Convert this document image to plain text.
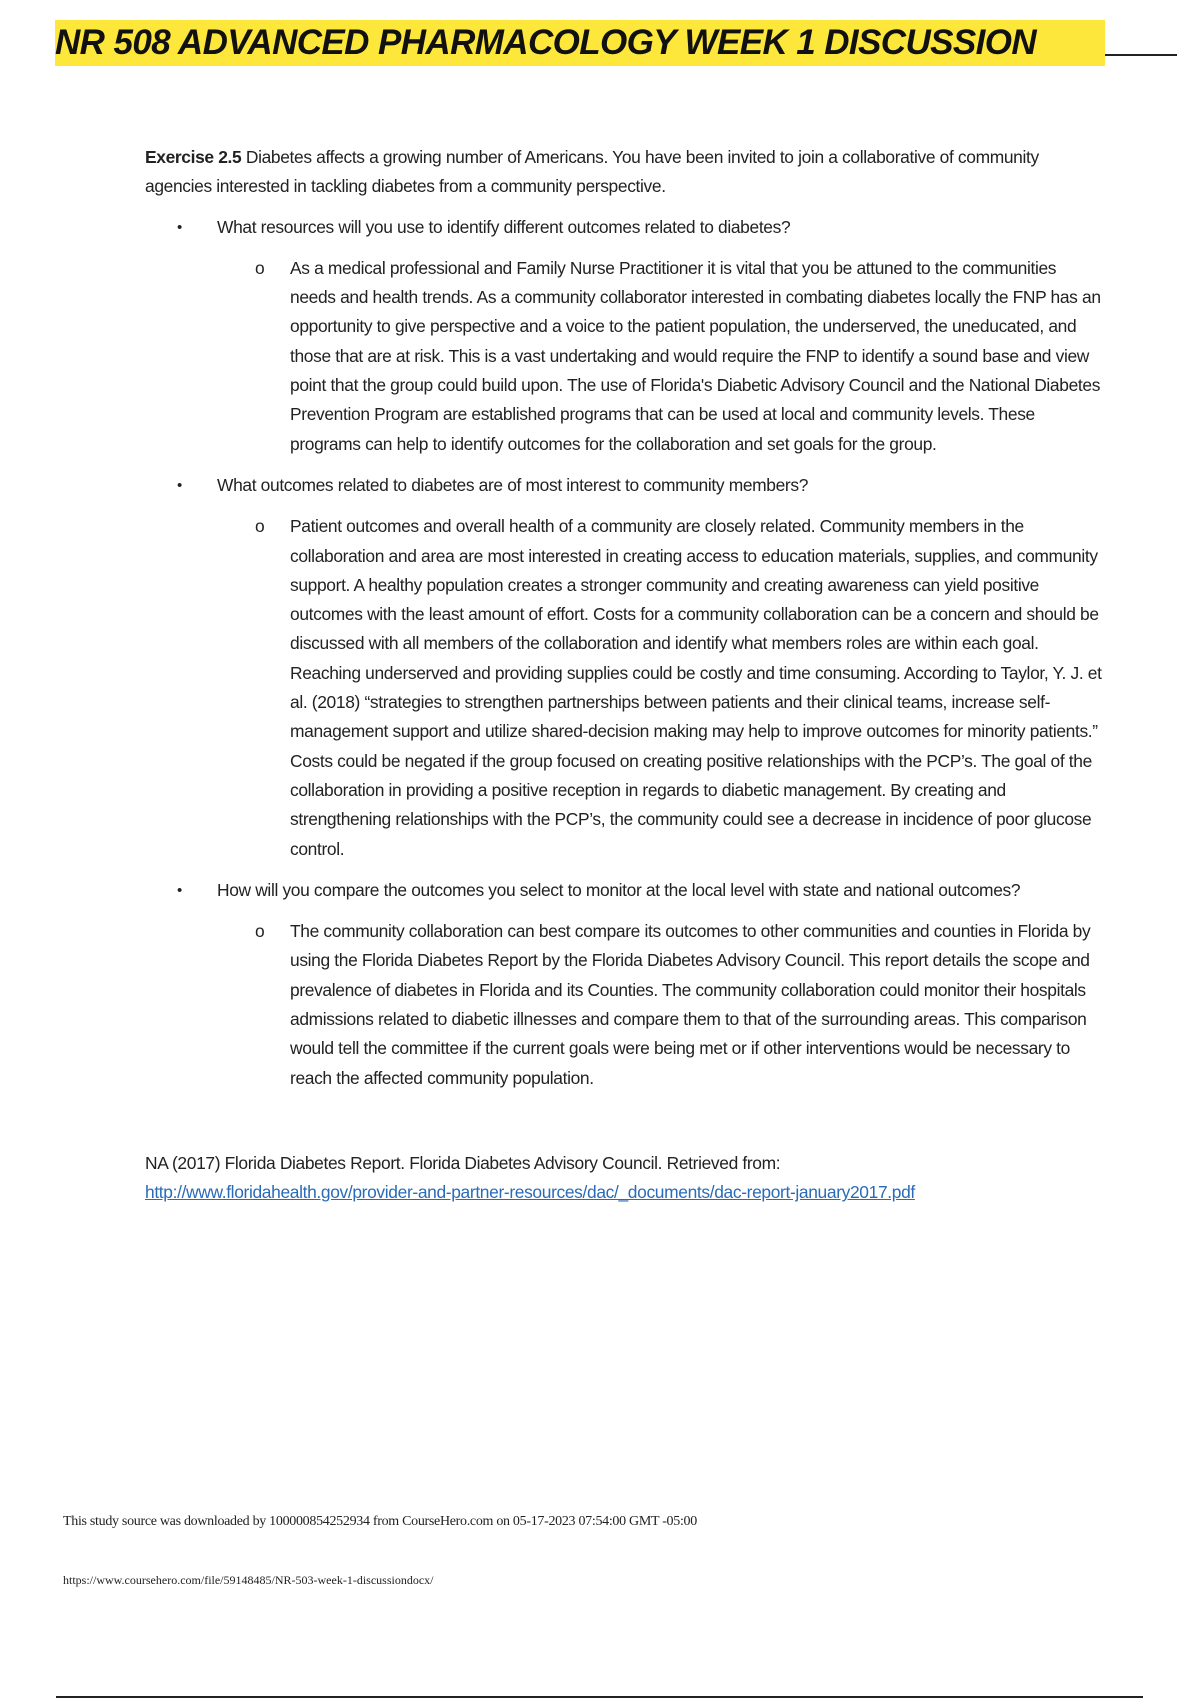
NR 508 ADVANCED PHARMACOLOGY WEEK 1 DISCUSSION

Exercise 2.5 Diabetes affects a growing number of Americans. You have been invited to join a collaborative of community agencies interested in tackling diabetes from a community perspective.

• What resources will you use to identify different outcomes related to diabetes?

o As a medical professional and Family Nurse Practitioner it is vital that you be attuned to the communities needs and health trends. As a community collaborator interested in combating diabetes locally the FNP has an opportunity to give perspective and a voice to the patient population, the underserved, the uneducated, and those that are at risk. This is a vast undertaking and would require the FNP to identify a sound base and view point that the group could build upon. The use of Florida's Diabetic Advisory Council and the National Diabetes Prevention Program are established programs that can be used at local and community levels. These programs can help to identify outcomes for the collaboration and set goals for the group.

• What outcomes related to diabetes are of most interest to community members?

o Patient outcomes and overall health of a community are closely related. Community members in the collaboration and area are most interested in creating access to education materials, supplies, and community support. A healthy population creates a stronger community and creating awareness can yield positive outcomes with the least amount of effort. Costs for a community collaboration can be a concern and should be discussed with all members of the collaboration and identify what members roles are within each goal. Reaching underserved and providing supplies could be costly and time consuming. According to Taylor, Y. J. et al. (2018) “strategies to strengthen partnerships between patients and their clinical teams, increase self-management support and utilize shared-decision making may help to improve outcomes for minority patients.” Costs could be negated if the group focused on creating positive relationships with the PCP’s. The goal of the collaboration in providing a positive reception in regards to diabetic management. By creating and strengthening relationships with the PCP’s, the community could see a decrease in incidence of poor glucose control.

• How will you compare the outcomes you select to monitor at the local level with state and national outcomes?

o The community collaboration can best compare its outcomes to other communities and counties in Florida by using the Florida Diabetes Report by the Florida Diabetes Advisory Council. This report details the scope and prevalence of diabetes in Florida and its Counties. The community collaboration could monitor their hospitals admissions related to diabetic illnesses and compare them to that of the surrounding areas. This comparison would tell the committee if the current goals were being met or if other interventions would be necessary to reach the affected community population.

NA (2017) Florida Diabetes Report. Florida Diabetes Advisory Council. Retrieved from:
http://www.floridahealth.gov/provider-and-partner-resources/dac/_documents/dac-report-january2017.pdf

This study source was downloaded by 100000854252934 from CourseHero.com on 05-17-2023 07:54:00 GMT -05:00
https://www.coursehero.com/file/59148485/NR-503-week-1-discussiondocx/
